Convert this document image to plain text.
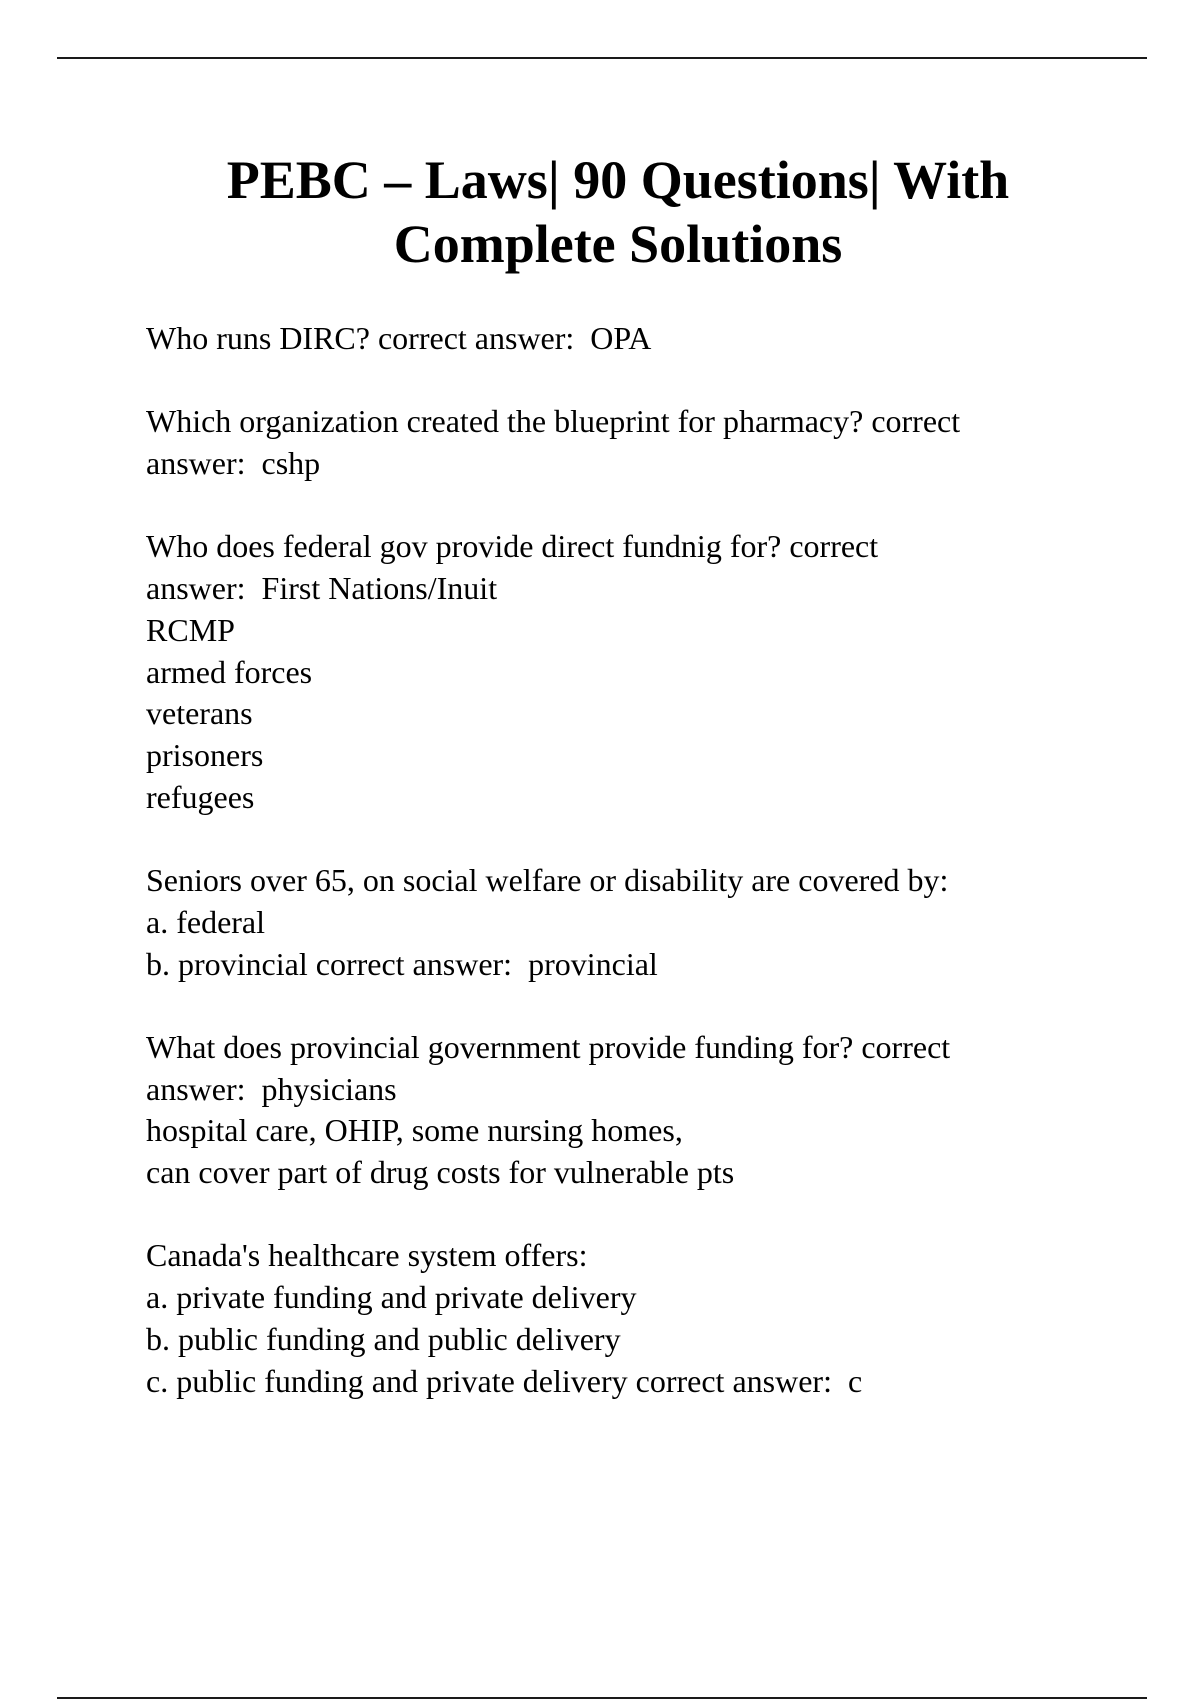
PEBC – Laws| 90 Questions| With
Complete Solutions
Who runs DIRC? correct answer:  OPA
Which organization created the blueprint for pharmacy? correct
answer:  cshp
Who does federal gov provide direct fundnig for? correct
answer:  First Nations/Inuit
RCMP
armed forces
veterans
prisoners
refugees
Seniors over 65, on social welfare or disability are covered by:
a. federal
b. provincial correct answer:  provincial
What does provincial government provide funding for? correct
answer:  physicians
hospital care, OHIP, some nursing homes,
can cover part of drug costs for vulnerable pts
Canada's healthcare system offers:
a. private funding and private delivery
b. public funding and public delivery
c. public funding and private delivery correct answer:  c
